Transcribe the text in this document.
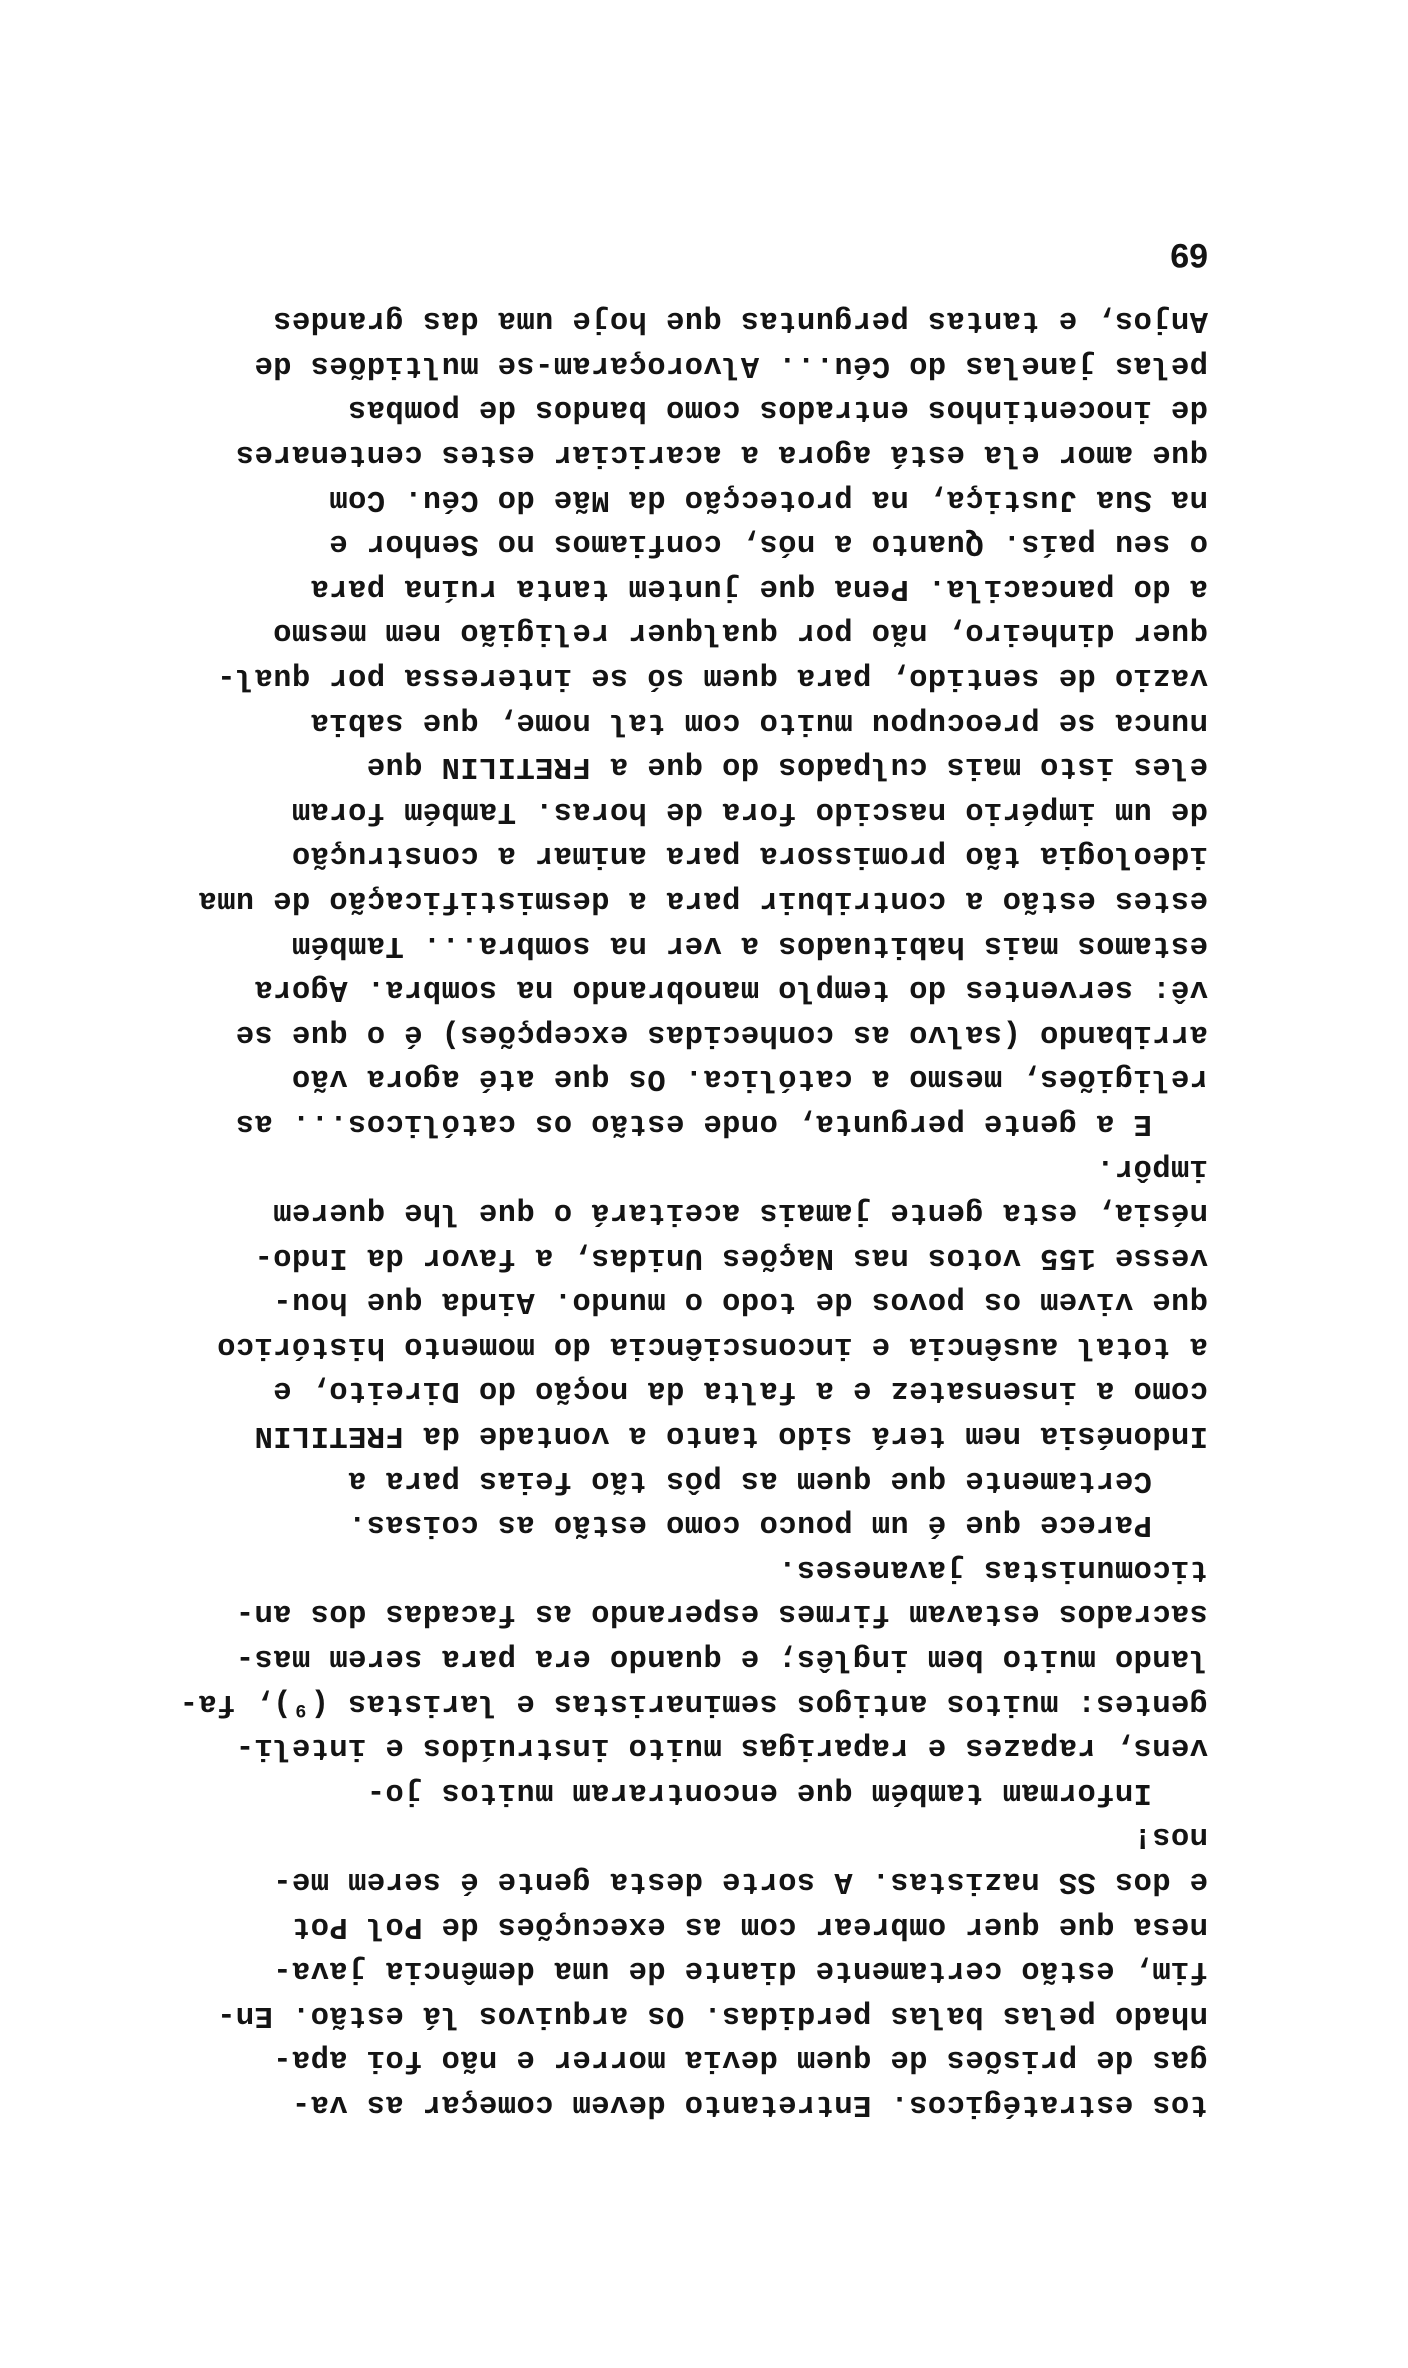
tos estratégicos. Entretanto devem começar as va-
gas de prisões de quem devia morrer e não foi apa-
nhado pelas balas perdidas. Os arquivos lá estão. En-
fim, estão certamente diante de uma demência java-
nesa que quer ombrear com as execuções de Pol Pot
e dos SS nazistas. A sorte desta gente é serem me-
nos!
Informam também que encontraram muitos jo-
vens, rapazes e raparigas muito instruídos e inteli-
gentes: muitos antigos seminaristas e laristas (⁹), fa-
lando muito bem inglês; e quando era para serem mas-
sacrados estavam firmes esperando as facadas dos an-
ticomunistas javaneses.
Parece que é um pouco como estão as coisas.
Certamente que quem as pôs tão feias para a
Indonésia nem terá sido tanto a vontade da FRETILIN
como a insensatez e a falta da noção do Direito, e
a total ausência e inconsciência do momento histórico
que vivem os povos de todo o mundo. Ainda que hou-
vesse 155 votos nas Nações Unidas, a favor da Indo-
nésia, esta gente jamais aceitará o que lhe querem
impôr.
E a gente pergunta, onde estão os católicos... as
religiões, mesmo a católica. Os que até agora vão
arribando (salvo as conhecidas excepções) é o que se
vê: serventes do templo manobrando na sombra. Agora
estamos mais habituados a ver na sombra... Também
estes estão a contribuir para a desmistificação de uma
ideologia tão promissora para animar a construção
de um império nascido fora de horas. Também foram
eles isto mais culpados do que a FRETILIN que
nunca se preocupou muito com tal nome, que sabia
vazio de sentido, para quem só se interessa por qual-
quer dinheiro, não por qualquer religião nem mesmo
a do pancacila. Pena que juntem tanta ruína para
o seu país. Quanto a nós, confiamos no Senhor e
na Sua Justiça, na protecção da Mãe do Céu. Com
que amor ela está agora a acariciar estes centenares
de inocentinhos entrados como bandos de pombas
pelas janelas do Céu... Alvoroçaram-se multidões de
Anjos, e tantas perguntas que hoje uma das grandes
69
